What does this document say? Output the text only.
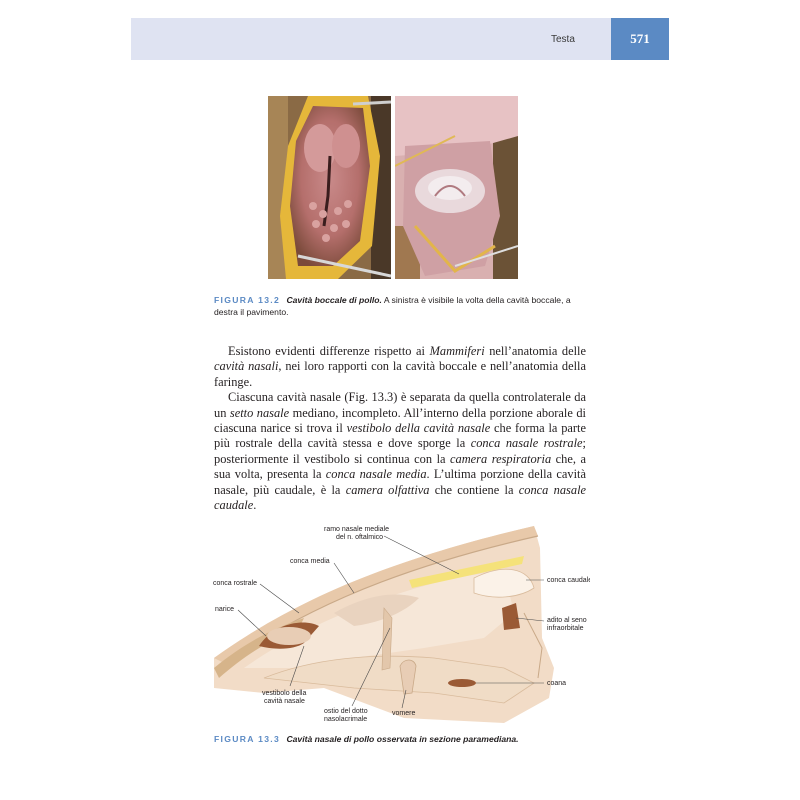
Testa	571
FIGURA 13.2 Cavità boccale di pollo. A sinistra è visibile la volta della cavità boccale, a destra il pavimento.

Esistono evidenti differenze rispetto ai Mammiferi nell’anatomia delle cavità nasali, nei loro rapporti con la cavità boccale e nell’anatomia della faringe.

Ciascuna cavità nasale (Fig. 13.3) è separata da quella controlaterale da un setto nasale mediano, incompleto. All’interno della porzione aborale di ciascuna narice si trova il vestibolo della cavità nasale che forma la parte più rostrale della cavità stessa e dove sporge la conca nasale rostrale; posteriormente il vestibolo si continua con la camera respiratoria che, a sua volta, presenta la conca nasale media. L’ultima porzione della cavità nasale, più caudale, è la camera olfattiva che contiene la conca nasale caudale.

ramo nasale mediale
del n. oftalmico
conca media
conca caudale
conca rostrale
narice
adito al seno
infraorbitale
coana
vestibolo della
cavità nasale
ostio del dotto
nasolacrimale
vomere
FIGURA 13.3 Cavità nasale di pollo osservata in sezione paramediana.
